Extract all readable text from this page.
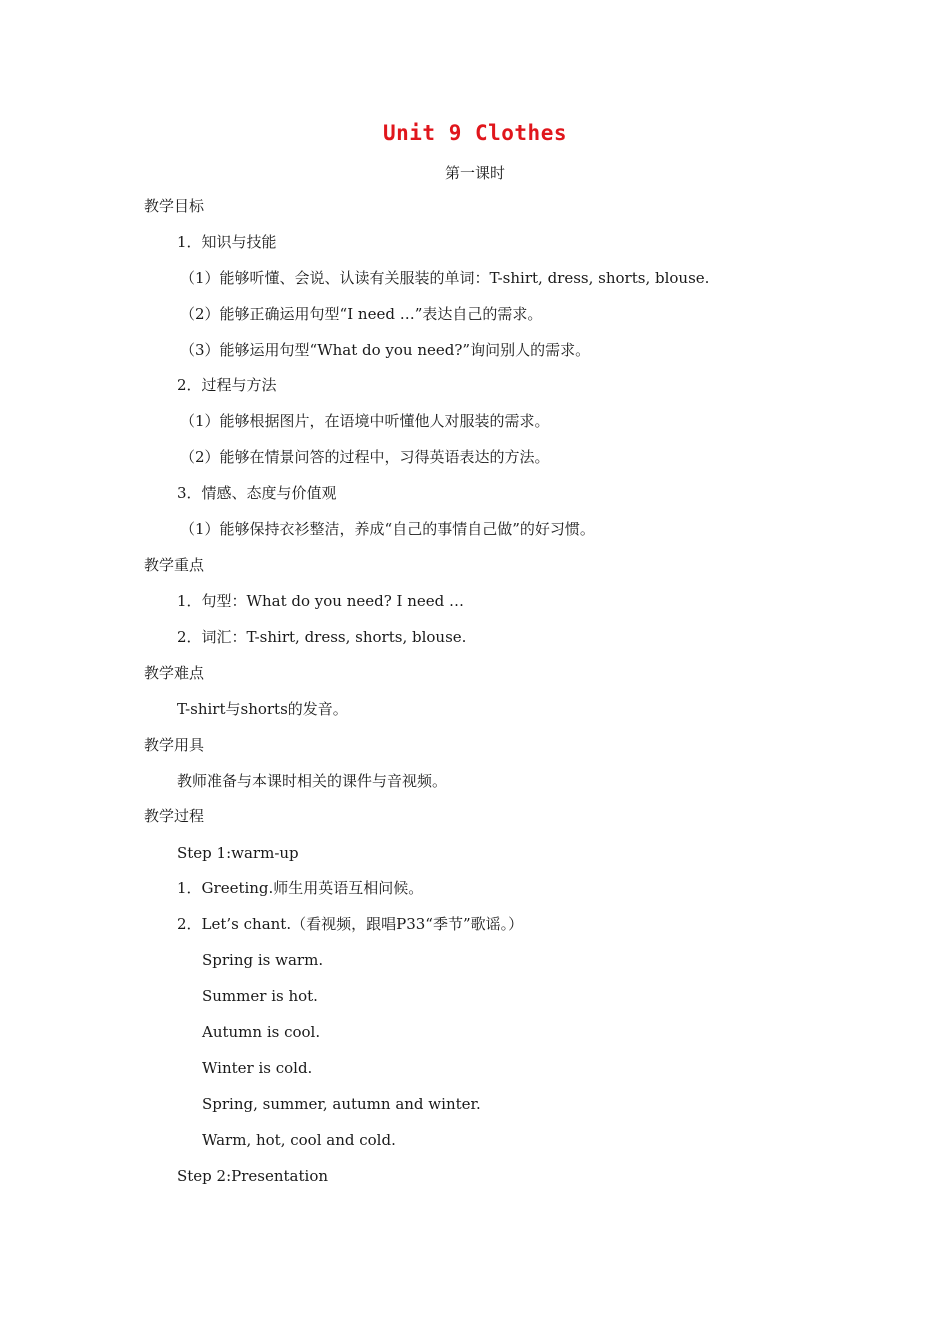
Unit 9 Clothes
第一课时
教学目标
1．知识与技能
（1）能够听懂、会说、认读有关服装的单词：T-shirt, dress, shorts, blouse.
（2）能够正确运用句型“I need …”表达自己的需求。
（3）能够运用句型“What do you need?”询问别人的需求。
2．过程与方法
（1）能够根据图片，在语境中听懂他人对服装的需求。
（2）能够在情景问答的过程中，习得英语表达的方法。
3．情感、态度与价值观
（1）能够保持衣衫整洁，养成“自己的事情自己做”的好习惯。
教学重点
1．句型：What do you need? I need …
2．词汇：T-shirt, dress, shorts, blouse.
教学难点
T-shirt与shorts的发音。
教学用具
教师准备与本课时相关的课件与音视频。
教学过程
Step 1:warm-up
1．Greeting.师生用英语互相问候。
2．Let’s chant.（看视频，跟唱P33“季节”歌谣。）
Spring is warm.
Summer is hot.
Autumn is cool.
Winter is cold.
Spring, summer, autumn and winter.
Warm, hot, cool and cold.
Step 2:Presentation
